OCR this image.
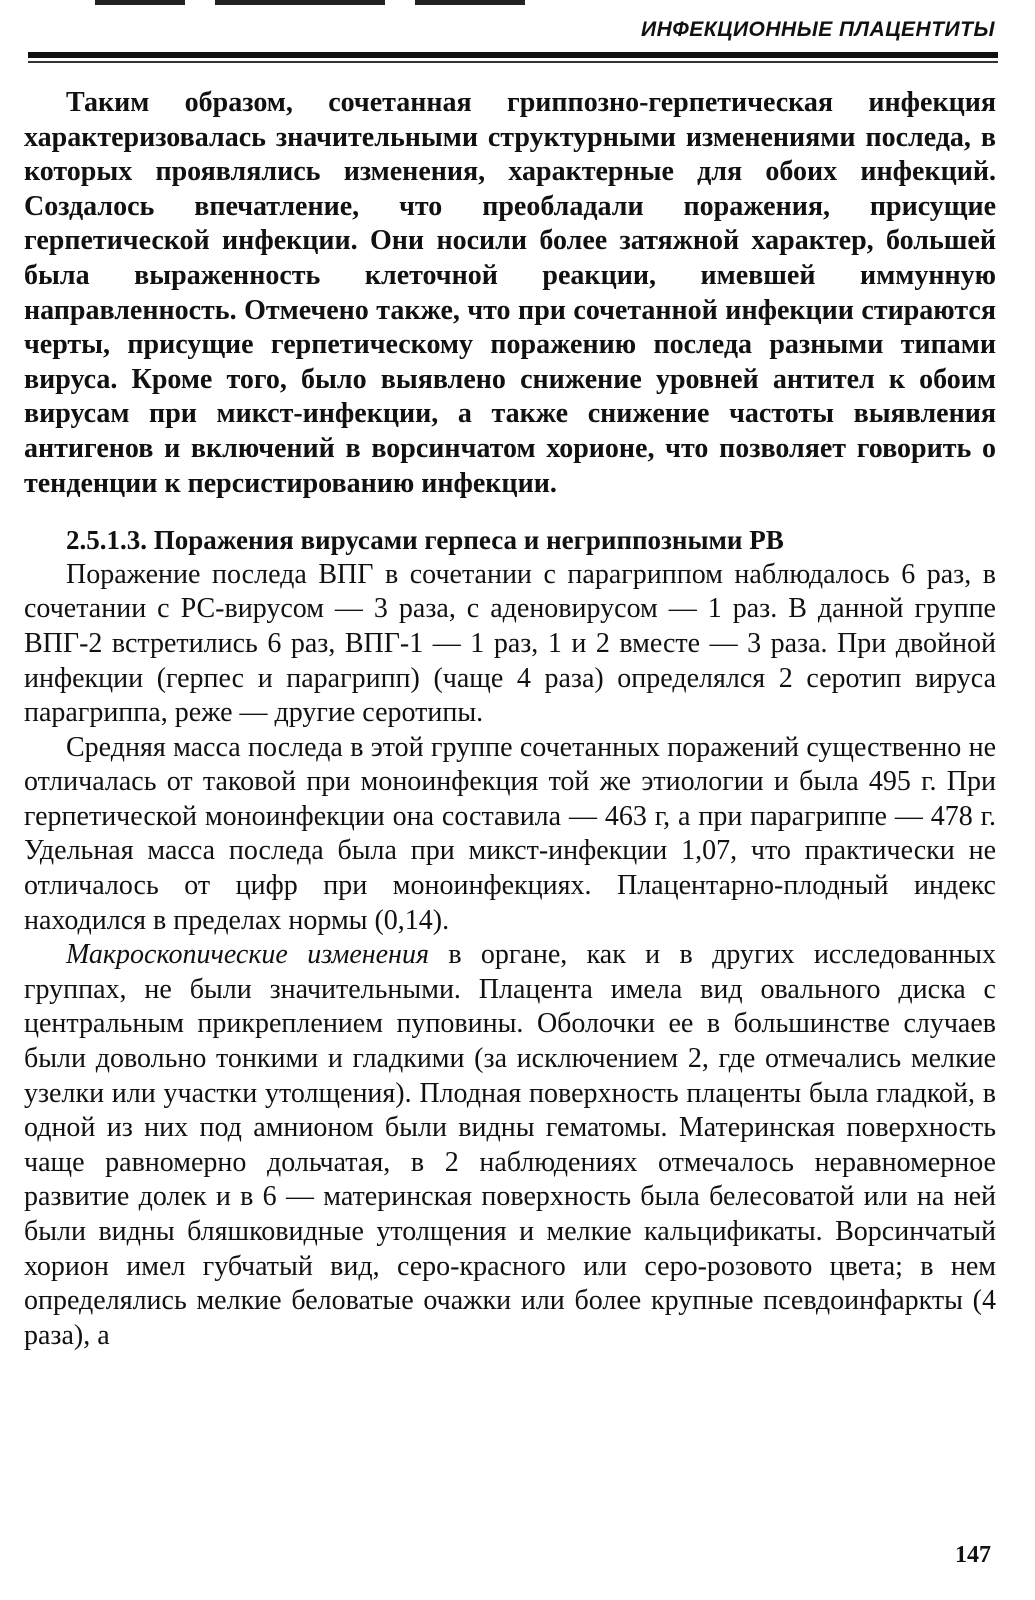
ИНФЕКЦИОННЫЕ ПЛАЦЕНТИТЫ

Таким образом, сочетанная гриппозно-герпетическая инфекция характеризовалась значительными структурными изменениями последа, в которых проявлялись изменения, характерные для обоих инфекций. Создалось впечатление, что преобладали поражения, присущие герпетической инфекции. Они носили более затяжной характер, большей была выраженность клеточной реакции, имевшей иммунную направленность. Отмечено также, что при сочетанной инфекции стираются черты, присущие герпетическому поражению последа разными типами вируса. Кроме того, было выявлено снижение уровней антител к обоим вирусам при микст-инфекции, а также снижение частоты выявления антигенов и включений в ворсинчатом хорионе, что позволяет говорить о тенденции к персистированию инфекции.

2.5.1.3. Поражения вирусами герпеса и негриппозными РВ

Поражение последа ВПГ в сочетании с парагриппом наблюдалось 6 раз, в сочетании с РС-вирусом — 3 раза, с аденовирусом — 1 раз. В данной группе ВПГ-2 встретились 6 раз, ВПГ-1 — 1 раз, 1 и 2 вместе — 3 раза. При двойной инфекции (герпес и парагрипп) (чаще 4 раза) определялся 2 серотип вируса парагриппа, реже — другие серотипы.

Средняя масса последа в этой группе сочетанных поражений существенно не отличалась от таковой при моноинфекция той же этиологии и была 495 г. При герпетической моноинфекции она составила — 463 г, а при парагриппе — 478 г. Удельная масса последа была при микст-инфекции 1,07, что практически не отличалось от цифр при моноинфекциях. Плацентарно-плодный индекс находился в пределах нормы (0,14).

Макроскопические изменения в органе, как и в других исследованных группах, не были значительными. Плацента имела вид овального диска с центральным прикреплением пуповины. Оболочки ее в большинстве случаев были довольно тонкими и гладкими (за исключением 2, где отмечались мелкие узелки или участки утолщения). Плодная поверхность плаценты была гладкой, в одной из них под амнионом были видны гематомы. Материнская поверхность чаще равномерно дольчатая, в 2 наблюдениях отмечалось неравномерное развитие долек и в 6 — материнская поверхность была белесоватой или на ней были видны бляшковидные утолщения и мелкие кальцификаты. Ворсинчатый хорион имел губчатый вид, серо-красного или серо-розовото цвета; в нем определялись мелкие беловатые очажки или более крупные псевдоинфаркты (4 раза), а

147
